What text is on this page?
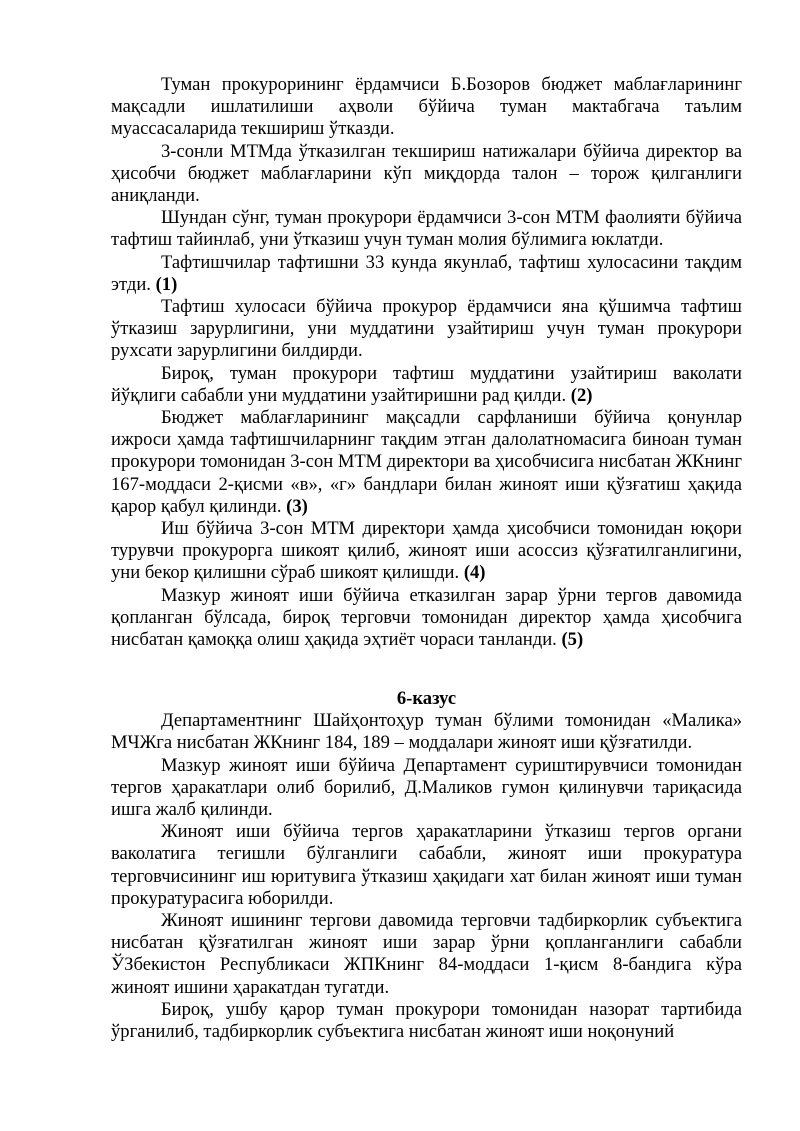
Туман прокурорининг ёрдамчиси Б.Бозоров бюджет маблағларининг мақсадли ишлатилиши аҳволи бўйича туман мактабгача таълим муассасаларида текшириш ўтказди.

3-сонли МТМда ўтказилган текшириш натижалари бўйича директор ва ҳисобчи бюджет маблағларини кўп миқдорда талон – торож қилганлиги аниқланди.

Шундан сўнг, туман прокурори ёрдамчиси 3-сон МТМ фаолияти бўйича тафтиш тайинлаб, уни ўтказиш учун туман молия бўлимига юклатди.

Тафтишчилар тафтишни 33 кунда якунлаб, тафтиш хулосасини тақдим этди. (1)

Тафтиш хулосаси бўйича прокурор ёрдамчиси яна қўшимча тафтиш ўтказиш зарурлигини, уни муддатини узайтириш учун туман прокурори рухсати зарурлигини билдирди.

Бироқ, туман прокурори тафтиш муддатини узайтириш ваколати йўқлиги сабабли уни муддатини узайтиришни рад қилди. (2)

Бюджет маблағларининг мақсадли сарфланиши бўйича қонунлар ижроси ҳамда тафтишчиларнинг тақдим этган далолатномасига биноан туман прокурори томонидан 3-сон МТМ директори ва ҳисобчисига нисбатан ЖКнинг 167-моддаси 2-қисми «в», «г» бандлари билан жиноят иши қўзғатиш ҳақида қарор қабул қилинди. (3)

Иш бўйича 3-сон МТМ директори ҳамда ҳисобчиси томонидан юқори турувчи прокурорга шикоят қилиб, жиноят иши асоссиз қўзғатилганлигини, уни бекор қилишни сўраб шикоят қилишди. (4)

Мазкур жиноят иши бўйича етказилган зарар ўрни тергов давомида қопланган бўлсада, бироқ терговчи томонидан директор ҳамда ҳисобчига нисбатан қамоққа олиш ҳақида эҳтиёт чораси танланди. (5)

6-казус

Департаментнинг Шайҳонтоҳур туман бўлими томонидан «Малика» МЧЖга нисбатан ЖКнинг 184, 189 – моддалари жиноят иши қўзғатилди.

Мазкур жиноят иши бўйича Департамент суриштирувчиси томонидан тергов ҳаракатлари олиб борилиб, Д.Маликов гумон қилинувчи тариқасида ишга жалб қилинди.

Жиноят иши бўйича тергов ҳаракатларини ўтказиш тергов органи ваколатига тегишли бўлганлиги сабабли, жиноят иши прокуратура терговчисининг иш юритувига ўтказиш ҳақидаги хат билан жиноят иши туман прокуратурасига юборилди.

Жиноят ишининг тергови давомида терговчи тадбиркорлик субъектига нисбатан қўзғатилган жиноят иши зарар ўрни қопланганлиги сабабли ЎЗбекистон Республикаси ЖПКнинг 84-моддаси 1-қисм 8-бандига кўра жиноят ишини ҳаракатдан тугатди.

Бироқ, ушбу қарор туман прокурори томонидан назорат тартибида ўрганилиб, тадбиркорлик субъектига нисбатан жиноят иши ноқонуний
